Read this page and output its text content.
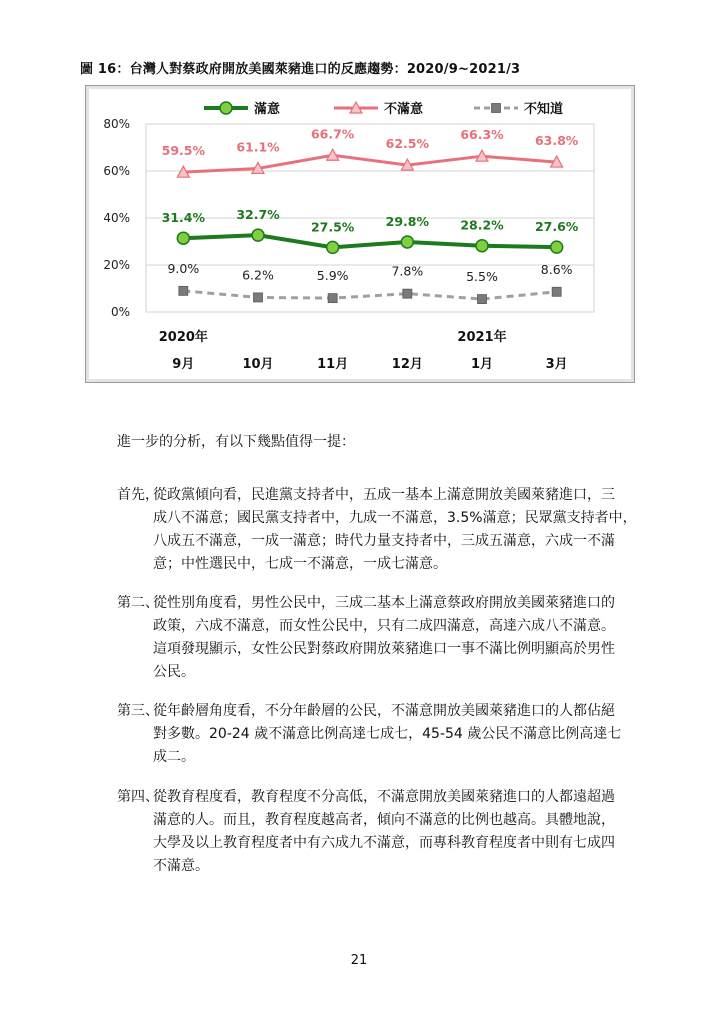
圖 16：台灣人對蔡政府開放美國萊豬進口的反應趨勢：2020/9~2021/3
0%
20%
40%
60%
80%
9月	10月	11月	12月	1月	3月
2020年	2021年
31.4%	32.7%
27.5%	29.8%	28.2%	27.6%
59.5%	61.1%
66.7%
62.5%
66.3%	63.8%
9.0%	6.2%	5.9%	7.8%	5.5%	8.6%
滿意	不滿意	不知道
進一步的分析，有以下幾點值得一提：
首先，
從政黨傾向看，民進黨支持者中，五成一基本上滿意開放美國萊豬進口，三
成八不滿意；國民黨支持者中，九成一不滿意，3.5%滿意；民眾黨支持者中，
八成五不滿意，一成一滿意；時代力量支持者中，三成五滿意，六成一不滿
意；中性選民中，七成一不滿意，一成七滿意。
第二、
從性別角度看，男性公民中，三成二基本上滿意蔡政府開放美國萊豬進口的
政策，六成不滿意，而女性公民中，只有二成四滿意，高達六成八不滿意。
這項發現顯示，女性公民對蔡政府開放萊豬進口一事不滿比例明顯高於男性
公民。
第三、
從年齡層角度看，不分年齡層的公民，不滿意開放美國萊豬進口的人都佔絕
對多數。20-24 歲不滿意比例高達七成七，45-54 歲公民不滿意比例高達七
成二。
第四、
從教育程度看，教育程度不分高低，不滿意開放美國萊豬進口的人都遠超過
滿意的人。而且，教育程度越高者，傾向不滿意的比例也越高。具體地說，
大學及以上教育程度者中有六成九不滿意，而專科教育程度者中則有七成四
不滿意。
21
